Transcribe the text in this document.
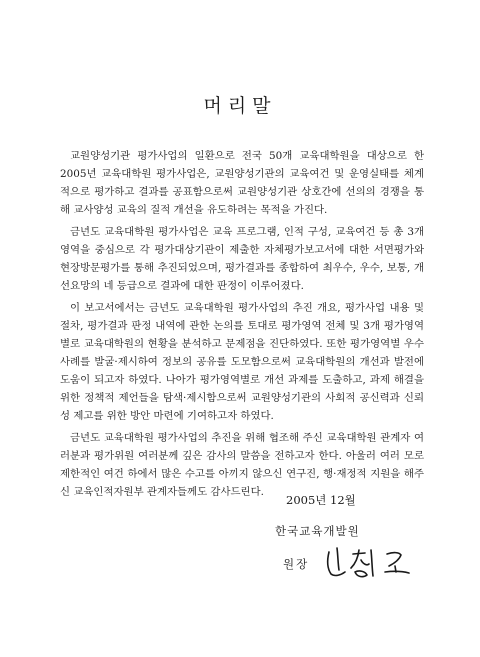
머리말

교원양성기관 평가사업의 일환으로 전국 50개 교육대학원을 대상으로 한 2005년 교육대학원 평가사업은, 교원양성기관의 교육여건 및 운영실태를 체계적으로 평가하고 결과를 공표함으로써 교원양성기관 상호간에 선의의 경쟁을 통해 교사양성 교육의 질적 개선을 유도하려는 목적을 가진다.

금년도 교육대학원 평가사업은 교육 프로그램, 인적 구성, 교육여건 등 총 3개 영역을 중심으로 각 평가대상기관이 제출한 자체평가보고서에 대한 서면평가와 현장방문평가를 통해 추진되었으며, 평가결과를 종합하여 최우수, 우수, 보통, 개선요망의 네 등급으로 결과에 대한 판정이 이루어졌다.

이 보고서에서는 금년도 교육대학원 평가사업의 추진 개요, 평가사업 내용 및 절차, 평가결과 판정 내역에 관한 논의를 토대로 평가영역 전체 및 3개 평가영역별로 교육대학원의 현황을 분석하고 문제점을 진단하였다. 또한 평가영역별 우수 사례를 발굴·제시하여 정보의 공유를 도모함으로써 교육대학원의 개선과 발전에 도움이 되고자 하였다. 나아가 평가영역별로 개선 과제를 도출하고, 과제 해결을 위한 정책적 제언들을 탐색·제시함으로써 교원양성기관의 사회적 공신력과 신뢰성 제고를 위한 방안 마련에 기여하고자 하였다.

금년도 교육대학원 평가사업의 추진을 위해 협조해 주신 교육대학원 관계자 여러분과 평가위원 여러분께 깊은 감사의 말씀을 전하고자 한다. 아울러 여러 모로 제한적인 여건 하에서 많은 수고를 아끼지 않으신 연구진, 행·재정적 지원을 해주신 교육인적자원부 관계자들께도 감사드린다.

2005년 12월
한국교육개발원
원장
